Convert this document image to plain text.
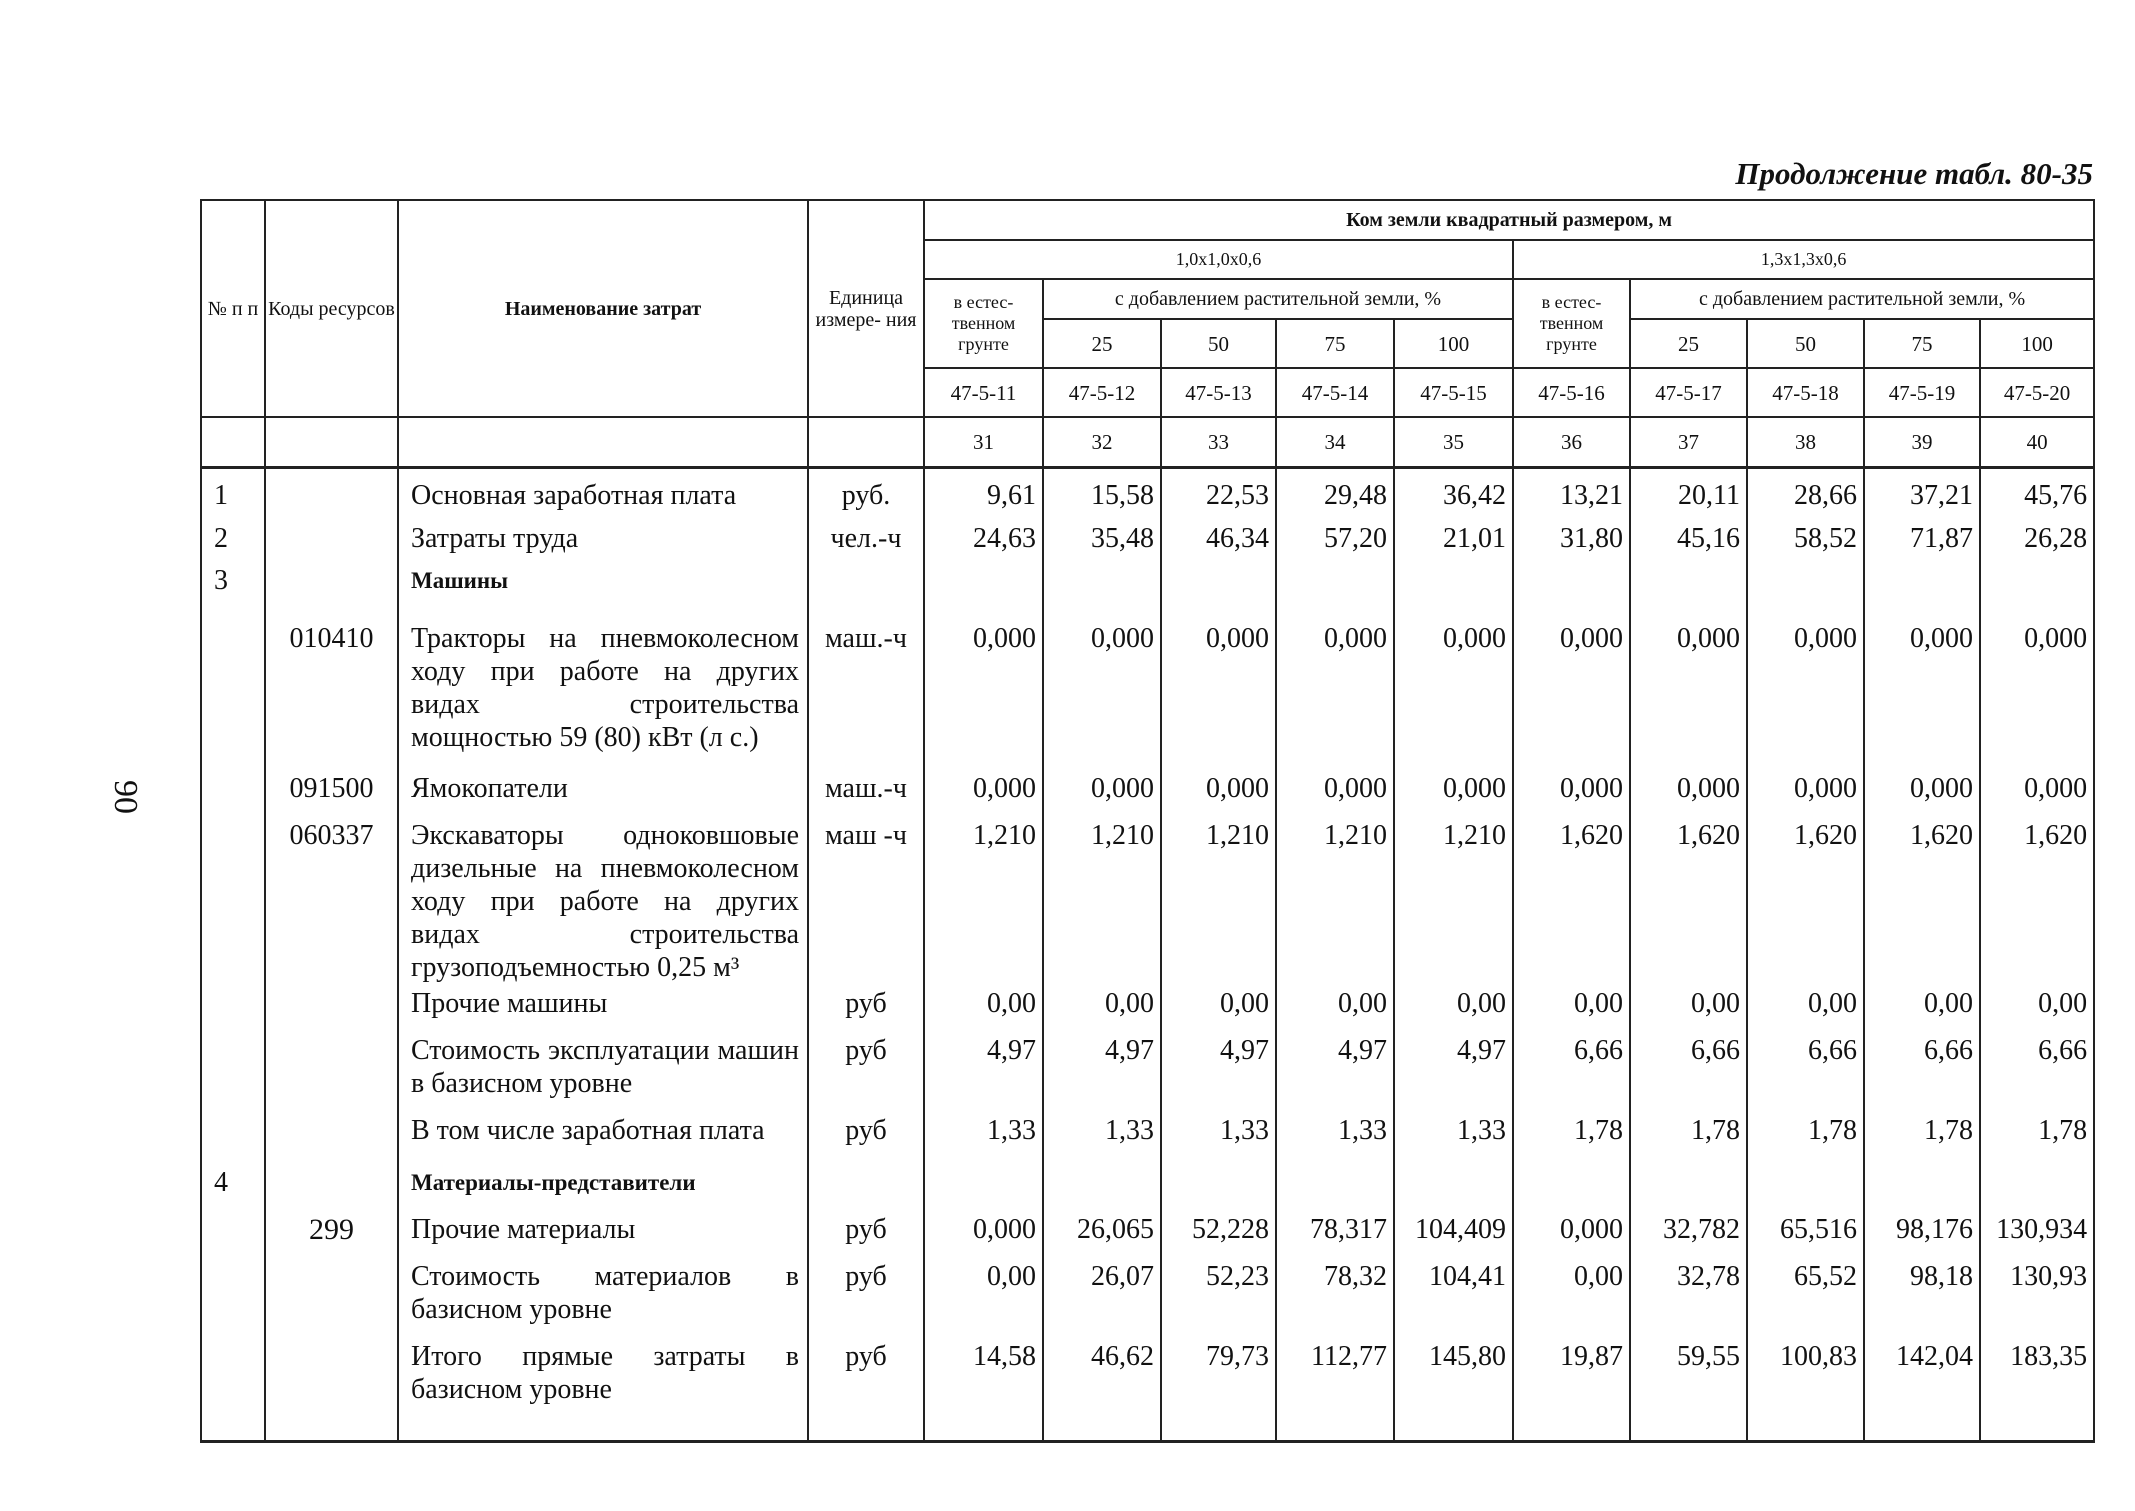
90
Продолжение табл. 80-35
№ п п	Коды ресурсов	Наименование затрат	Единица измере- ния	Ком земли квадратный размером, м									
				1,0х1,0х0,6					1,3х1,3х0,6				
				в естес- твенном грунте	с добавлением растительной земли, %				в естес- твенном грунте	с добавлением растительной земли, %			
					25	50	75	100		25	50	75	100
				47-5-11	47-5-12	47-5-13	47-5-14	47-5-15	47-5-16	47-5-17	47-5-18	47-5-19	47-5-20
				31	32	33	34	35	36	37	38	39	40
1		Основная заработная плата	руб.	9,61	15,58	22,53	29,48	36,42	13,21	20,11	28,66	37,21	45,76
2		Затраты труда	чел.-ч	24,63	35,48	46,34	57,20	21,01	31,80	45,16	58,52	71,87	26,28
3		Машины											
	010410	Тракторы на пневмоколесном ходу при работе на других видах строительства мощностью 59 (80) кВт (л с.)	маш.-ч	0,000	0,000	0,000	0,000	0,000	0,000	0,000	0,000	0,000	0,000
	091500	Ямокопатели	маш.-ч	0,000	0,000	0,000	0,000	0,000	0,000	0,000	0,000	0,000	0,000
	060337	Экскаваторы одноковшовые дизельные на пневмоколесном ходу при работе на других видах строительства грузоподъемностью 0,25 м³	маш -ч	1,210	1,210	1,210	1,210	1,210	1,620	1,620	1,620	1,620	1,620
		Прочие машины	руб	0,00	0,00	0,00	0,00	0,00	0,00	0,00	0,00	0,00	0,00
		Стоимость эксплуатации машин в базисном уровне	руб	4,97	4,97	4,97	4,97	4,97	6,66	6,66	6,66	6,66	6,66
		В том числе заработная плата	руб	1,33	1,33	1,33	1,33	1,33	1,78	1,78	1,78	1,78	1,78
4		Материалы-представители											
	299	Прочие материалы	руб	0,000	26,065	52,228	78,317	104,409	0,000	32,782	65,516	98,176	130,934
		Стоимость материалов в базисном уровне	руб	0,00	26,07	52,23	78,32	104,41	0,00	32,78	65,52	98,18	130,93
		Итого прямые затраты в базисном уровне	руб	14,58	46,62	79,73	112,77	145,80	19,87	59,55	100,83	142,04	183,35
